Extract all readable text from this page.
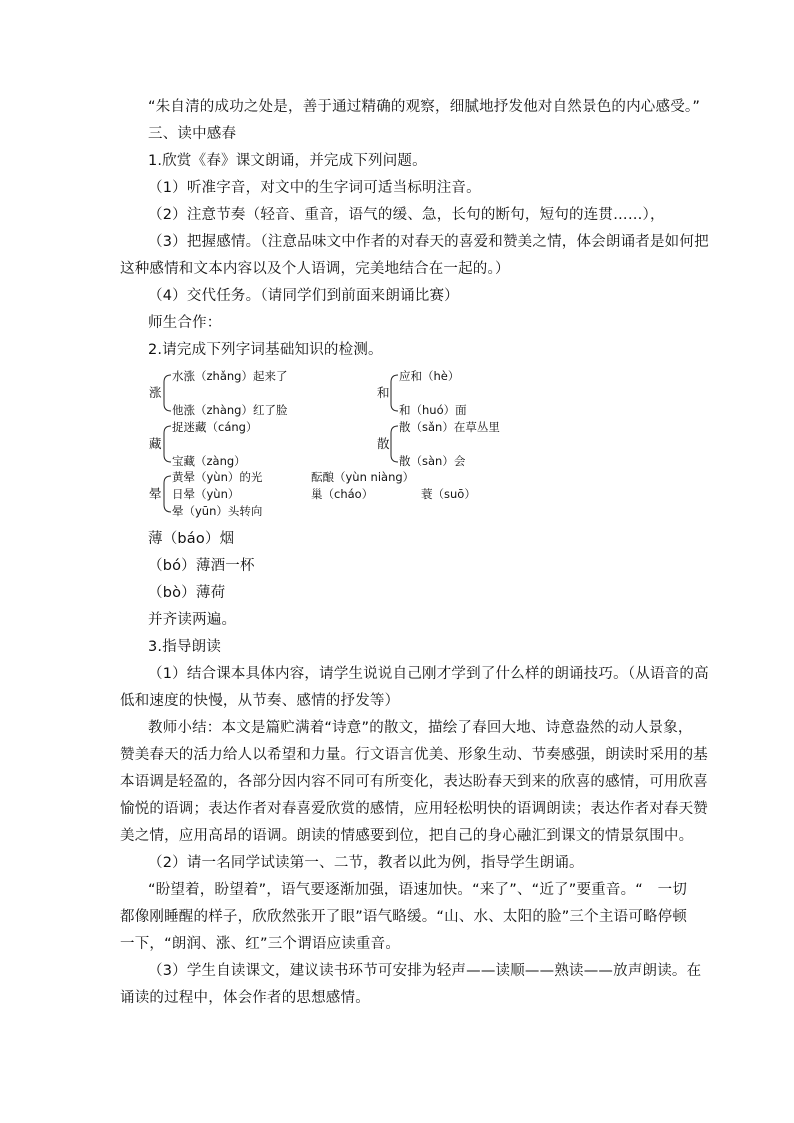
“朱自清的成功之处是，善于通过精确的观察，细腻地抒发他对自然景色的内心感受。”
三、读中感春
1.欣赏《春》课文朗诵，并完成下列问题。
（1）听准字音，对文中的生字词可适当标明注音。
（2）注意节奏（轻音、重音，语气的缓、急，长句的断句，短句的连贯……），
（3）把握感情。（注意品味文中作者的对春天的喜爱和赞美之情，体会朗诵者是如何把
这种感情和文本内容以及个人语调，完美地结合在一起的。）
（4）交代任务。（请同学们到前面来朗诵比赛）
师生合作：
2.请完成下列字词基础知识的检测。
涨
水涨（zhǎng）起来了
他涨（zhàng）红了脸
和
应和（hè）
和（huó）面
藏
捉迷藏（cáng）
宝藏（zàng）
散
散（sǎn）在草丛里
散（sàn）会
晕
黄晕（yùn）的光
日晕（yùn）
晕（yūn）头转向
酝酿（yùn niàng）
巢（cháo）	蓑（suō）
薄（báo）烟
（bó）薄酒一杯
（bò）薄荷
并齐读两遍。
3.指导朗读
（1）结合课本具体内容，请学生说说自己刚才学到了什么样的朗诵技巧。（从语音的高
低和速度的快慢，从节奏、感情的抒发等）
教师小结：本文是篇贮满着“诗意”的散文，描绘了春回大地、诗意盎然的动人景象，
赞美春天的活力给人以希望和力量。行文语言优美、形象生动、节奏感强，朗读时采用的基
本语调是轻盈的，各部分因内容不同可有所变化，表达盼春天到来的欣喜的感情，可用欣喜
愉悦的语调；表达作者对春喜爱欣赏的感情，应用轻松明快的语调朗读；表达作者对春天赞
美之情，应用高昂的语调。朗读的情感要到位，把自己的身心融汇到课文的情景氛围中。
（2）请一名同学试读第一、二节，教者以此为例，指导学生朗诵。
“盼望着，盼望着”，语气要逐渐加强，语速加快。“来了”、“近了”要重音。“　一切
都像刚睡醒的样子，欣欣然张开了眼”语气略缓。“山、水、太阳的脸”三个主语可略停顿
一下，“朗润、涨、红”三个谓语应读重音。
（3）学生自读课文，建议读书环节可安排为轻声——读顺——熟读——放声朗读。在
诵读的过程中，体会作者的思想感情。
